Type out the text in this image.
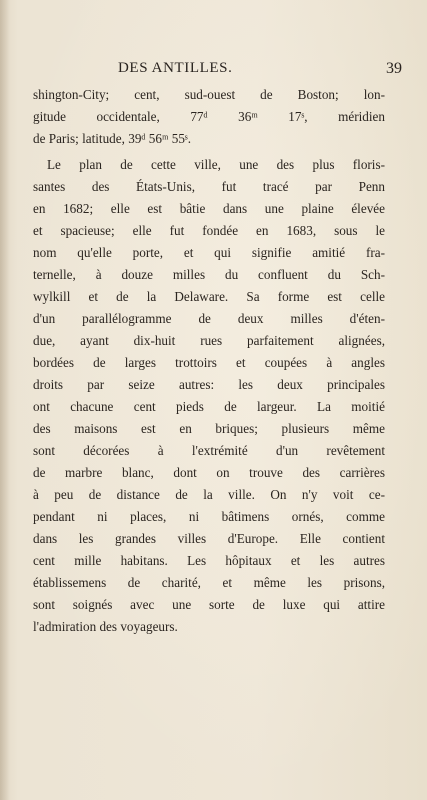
DES ANTILLES.	39
shington-City; cent, sud-ouest de Boston; lon-
gitude occidentale, 77ᵈ 36ᵐ 17ˢ, méridien
de Paris; latitude, 39ᵈ 56ᵐ 55ˢ.
Le plan de cette ville, une des plus floris-
santes des États-Unis, fut tracé par Penn
en 1682; elle est bâtie dans une plaine élevée
et spacieuse; elle fut fondée en 1683, sous le
nom qu'elle porte, et qui signifie amitié fra-
ternelle, à douze milles du confluent du Sch-
wylkill et de la Delaware. Sa forme est celle
d'un parallélogramme de deux milles d'éten-
due, ayant dix-huit rues parfaitement alignées,
bordées de larges trottoirs et coupées à angles
droits par seize autres: les deux principales
ont chacune cent pieds de largeur. La moitié
des maisons est en briques; plusieurs même
sont décorées à l'extrémité d'un revêtement
de marbre blanc, dont on trouve des carrières
à peu de distance de la ville. On n'y voit ce-
pendant ni places, ni bâtimens ornés, comme
dans les grandes villes d'Europe. Elle contient
cent mille habitans. Les hôpitaux et les autres
établissemens de charité, et même les prisons,
sont soignés avec une sorte de luxe qui attire
l'admiration des voyageurs.
